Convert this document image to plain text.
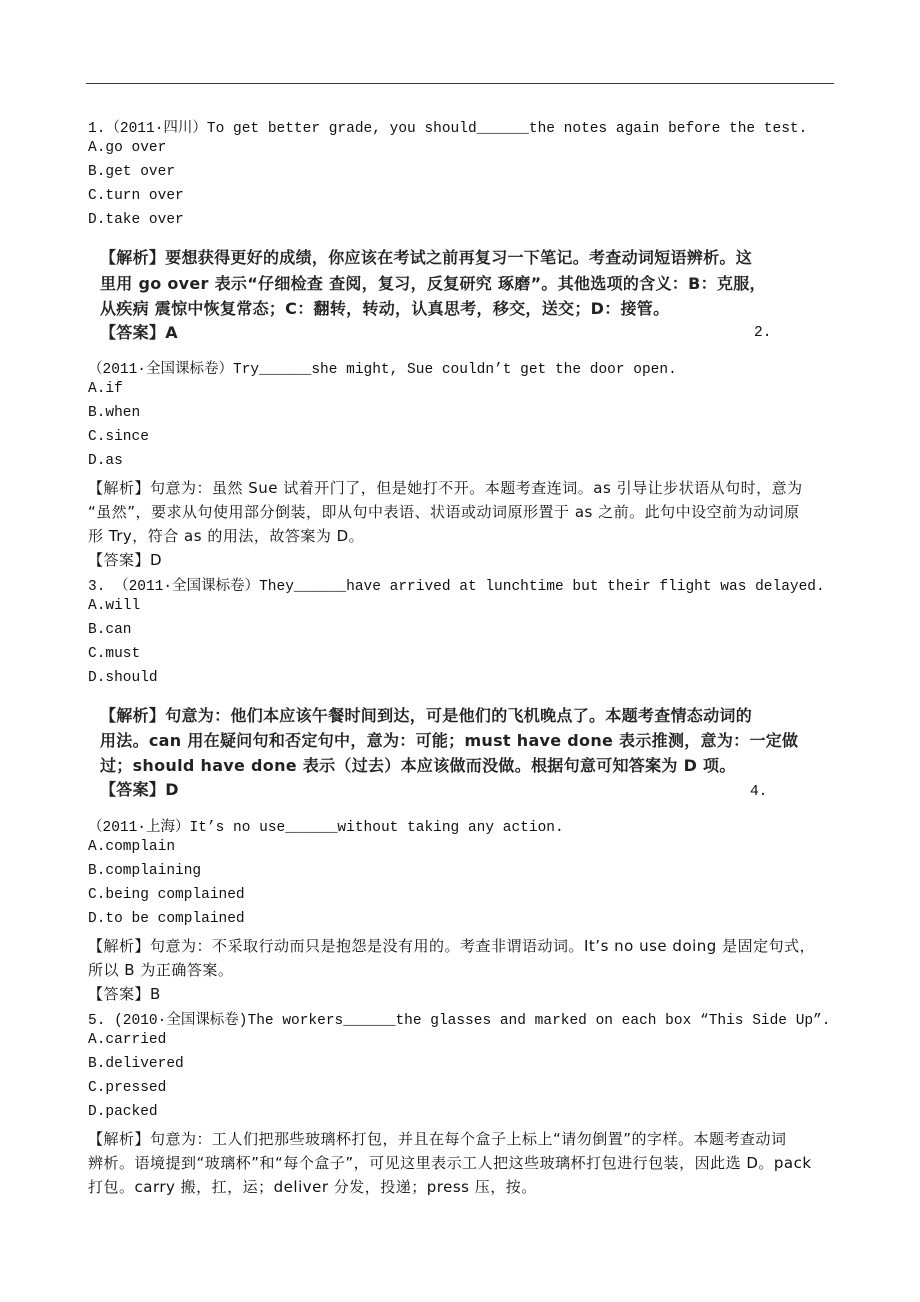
1.（2011·四川）To get better grade, you should______the notes again before the test.
A.go over
B.get over
C.turn over
D.take over
【解析】要想获得更好的成绩，你应该在考试之前再复习一下笔记。考查动词短语辨析。这
里用 go over 表示“仔细检查 查阅，复习，反复研究 琢磨”。其他选项的含义：B：克服，
从疾病 震惊中恢复常态；C：翻转，转动，认真思考，移交，送交；D：接管。
【答案】A	2.
（2011·全国课标卷）Try______she might, Sue couldn’t get the door open.
A.if
B.when
C.since
D.as
【解析】句意为：虽然 Sue 试着开门了，但是她打不开。本题考查连词。as 引导让步状语从句时，意为
“虽然”，要求从句使用部分倒装，即从句中表语、状语或动词原形置于 as 之前。此句中设空前为动词原
形 Try，符合 as 的用法，故答案为 D。
【答案】D
3. （2011·全国课标卷）They______have arrived at lunchtime but their flight was delayed.
A.will
B.can
C.must
D.should
【解析】句意为：他们本应该午餐时间到达，可是他们的飞机晚点了。本题考查情态动词的
用法。can 用在疑问句和否定句中，意为：可能；must have done 表示推测，意为：一定做
过；should have done 表示（过去）本应该做而没做。根据句意可知答案为 D 项。
【答案】D	4.
（2011·上海）It’s no use______without taking any action.
A.complain
B.complaining
C.being complained
D.to be complained
【解析】句意为：不采取行动而只是抱怨是没有用的。考查非谓语动词。It’s no use doing 是固定句式，
所以 B 为正确答案。
【答案】B
5. (2010·全国课标卷)The workers______the glasses and marked on each box “This Side Up”.
A.carried
B.delivered
C.pressed
D.packed
【解析】句意为：工人们把那些玻璃杯打包，并且在每个盒子上标上“请勿倒置”的字样。本题考查动词
辨析。语境提到“玻璃杯”和“每个盒子”，可见这里表示工人把这些玻璃杯打包进行包装，因此选 D。pack
打包。carry 搬，扛，运；deliver 分发，投递；press 压，按。
